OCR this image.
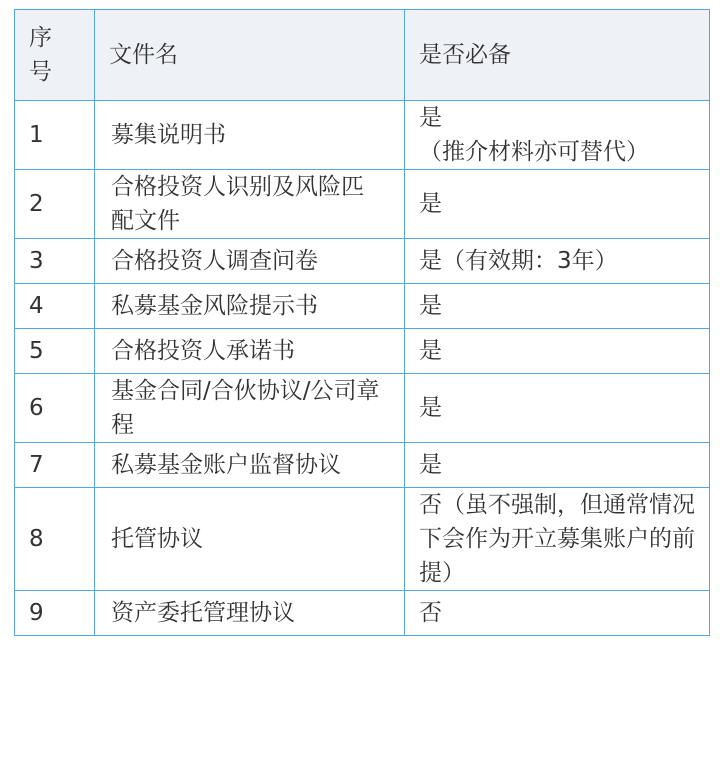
序号	文件名	是否必备
1	募集说明书	是
（推介材料亦可替代）
2	合格投资人识别及风险匹配文件	是
3	合格投资人调查问卷	是（有效期：3年）
4	私募基金风险提示书	是
5	合格投资人承诺书	是
6	基金合同/合伙协议/公司章程	是
7	私募基金账户监督协议	是
8	托管协议	否（虽不强制，但通常情况下会作为开立募集账户的前提）
9	资产委托管理协议	否
